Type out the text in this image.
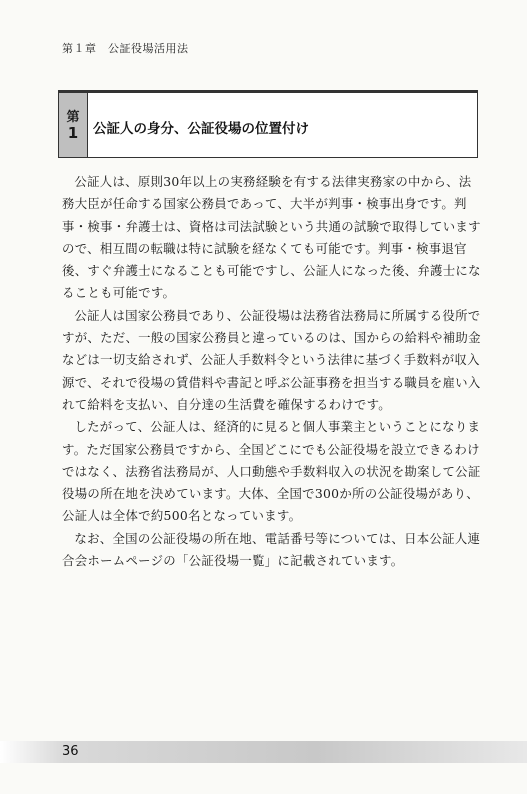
第１章　公証役場活用法
第
1 公証人の身分、公証役場の位置付け

公証人は、原則30年以上の実務経験を有する法律実務家の中から、法務大臣が任命する国家公務員であって、大半が判事・検事出身です。判事・検事・弁護士は、資格は司法試験という共通の試験で取得していますので、相互間の転職は特に試験を経なくても可能です。判事・検事退官後、すぐ弁護士になることも可能ですし、公証人になった後、弁護士になることも可能です。

公証人は国家公務員であり、公証役場は法務省法務局に所属する役所ですが、ただ、一般の国家公務員と違っているのは、国からの給料や補助金などは一切支給されず、公証人手数料令という法律に基づく手数料が収入源で、それで役場の賃借料や書記と呼ぶ公証事務を担当する職員を雇い入れて給料を支払い、自分達の生活費を確保するわけです。

したがって、公証人は、経済的に見ると個人事業主ということになります。ただ国家公務員ですから、全国どこにでも公証役場を設立できるわけではなく、法務省法務局が、人口動態や手数料収入の状況を勘案して公証役場の所在地を決めています。大体、全国で300か所の公証役場があり、公証人は全体で約500名となっています。

なお、全国の公証役場の所在地、電話番号等については、日本公証人連合会ホームページの「公証役場一覧」に記載されています。

36
